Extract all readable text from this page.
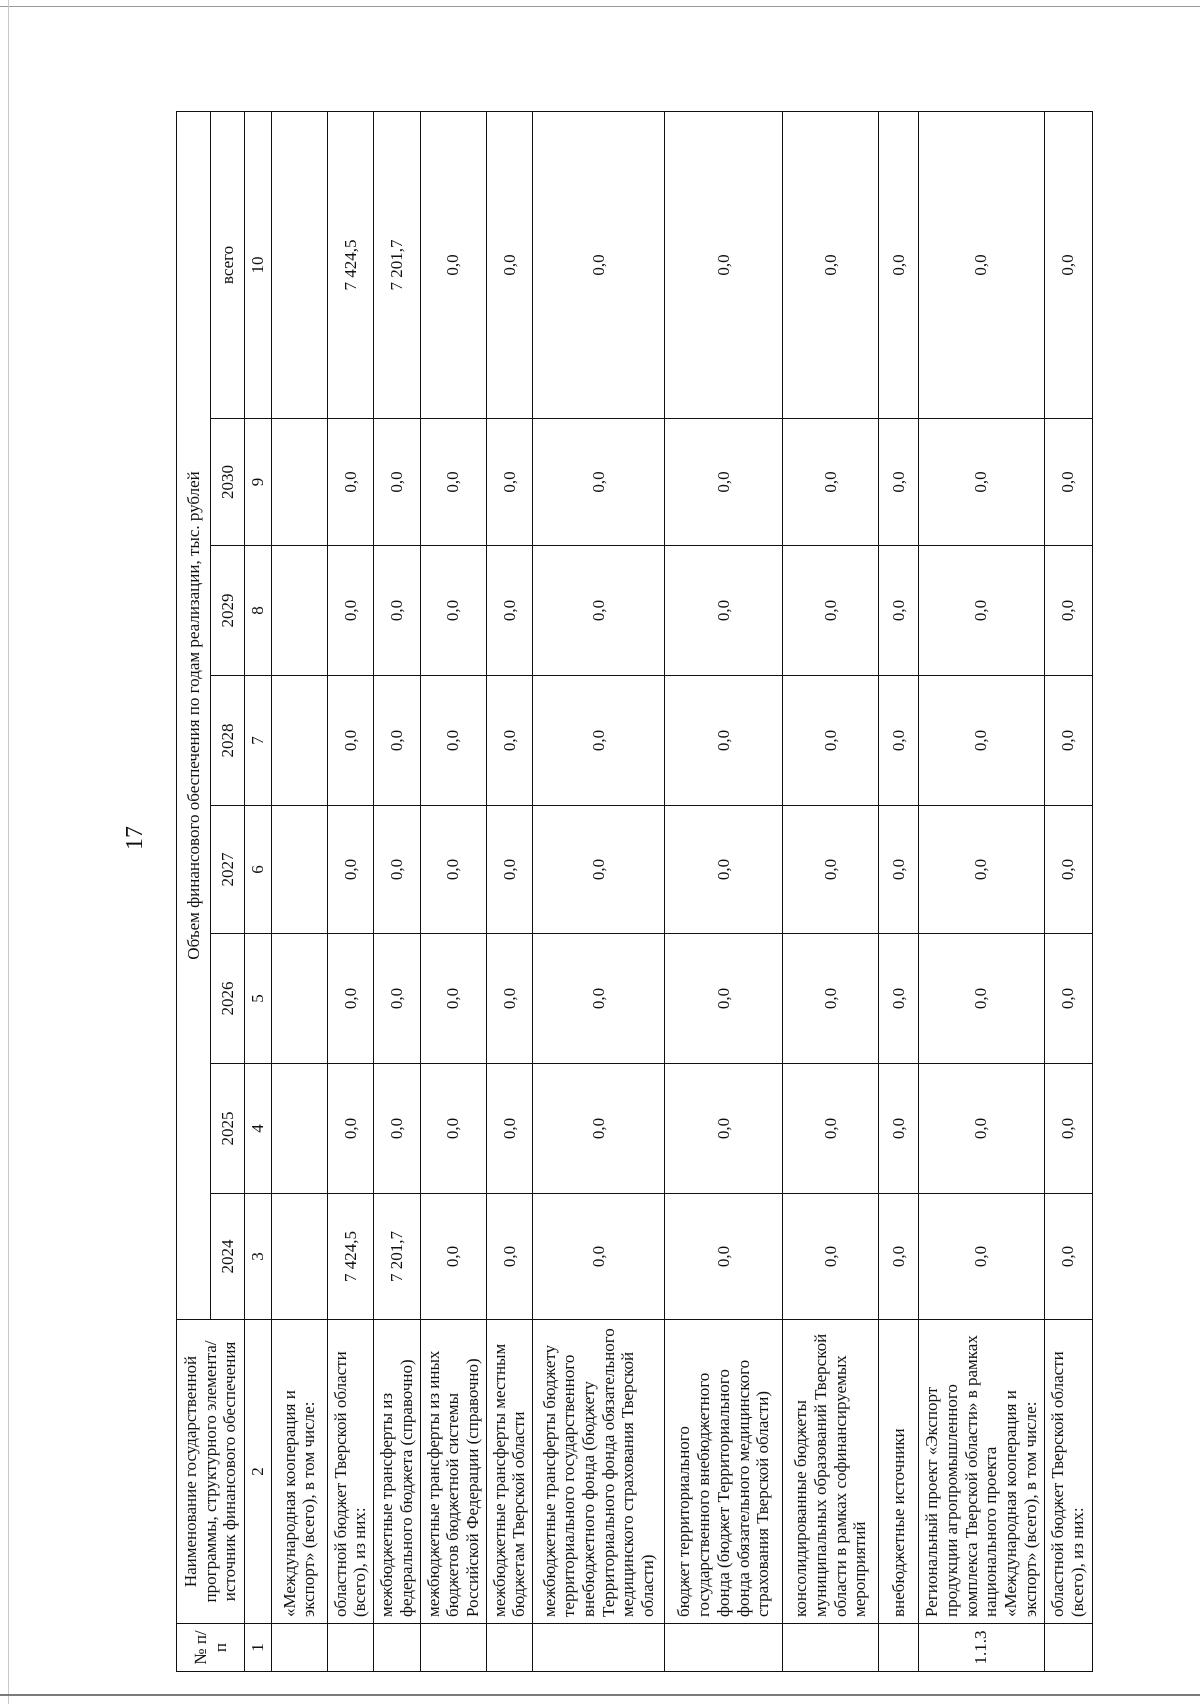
17
№ п/п	Наименование государственной программы, структурного элемента/источник финансового обеспечения	Объем финансового обеспечения по годам реализации, тыс. рублей							
		2024	2025	2026	2027	2028	2029	2030	всего
1	2	3	4	5	6	7	8	9	10
	«Международная кооперация и экспорт» (всего), в том числе:								
	областной бюджет Тверской области (всего), из них:	7 424,5	0,0	0,0	0,0	0,0	0,0	0,0	7 424,5
	межбюджетные трансферты из федерального бюджета (справочно)	7 201,7	0,0	0,0	0,0	0,0	0,0	0,0	7 201,7
	межбюджетные трансферты из иных бюджетов бюджетной системы Российской Федерации (справочно)	0,0	0,0	0,0	0,0	0,0	0,0	0,0	0,0
	межбюджетные трансферты местным бюджетам Тверской области	0,0	0,0	0,0	0,0	0,0	0,0	0,0	0,0
	межбюджетные трансферты бюджету территориального государственного внебюджетного фонда (бюджету Территориального фонда обязательного медицинского страхования Тверской области)	0,0	0,0	0,0	0,0	0,0	0,0	0,0	0,0
	бюджет территориального государственного внебюджетного фонда (бюджет Территориального фонда обязательного медицинского страхования Тверской области)	0,0	0,0	0,0	0,0	0,0	0,0	0,0	0,0
	консолидированные бюджеты муниципальных образований Тверской области в рамках софинансируемых мероприятий	0,0	0,0	0,0	0,0	0,0	0,0	0,0	0,0
	внебюджетные источники	0,0	0,0	0,0	0,0	0,0	0,0	0,0	0,0
1.1.3	Региональный проект «Экспорт продукции агропромышленного комплекса Тверской области» в рамках национального проекта «Международная кооперация и экспорт» (всего), в том числе:	0,0	0,0	0,0	0,0	0,0	0,0	0,0	0,0
	областной бюджет Тверской области (всего), из них:	0,0	0,0	0,0	0,0	0,0	0,0	0,0	0,0
